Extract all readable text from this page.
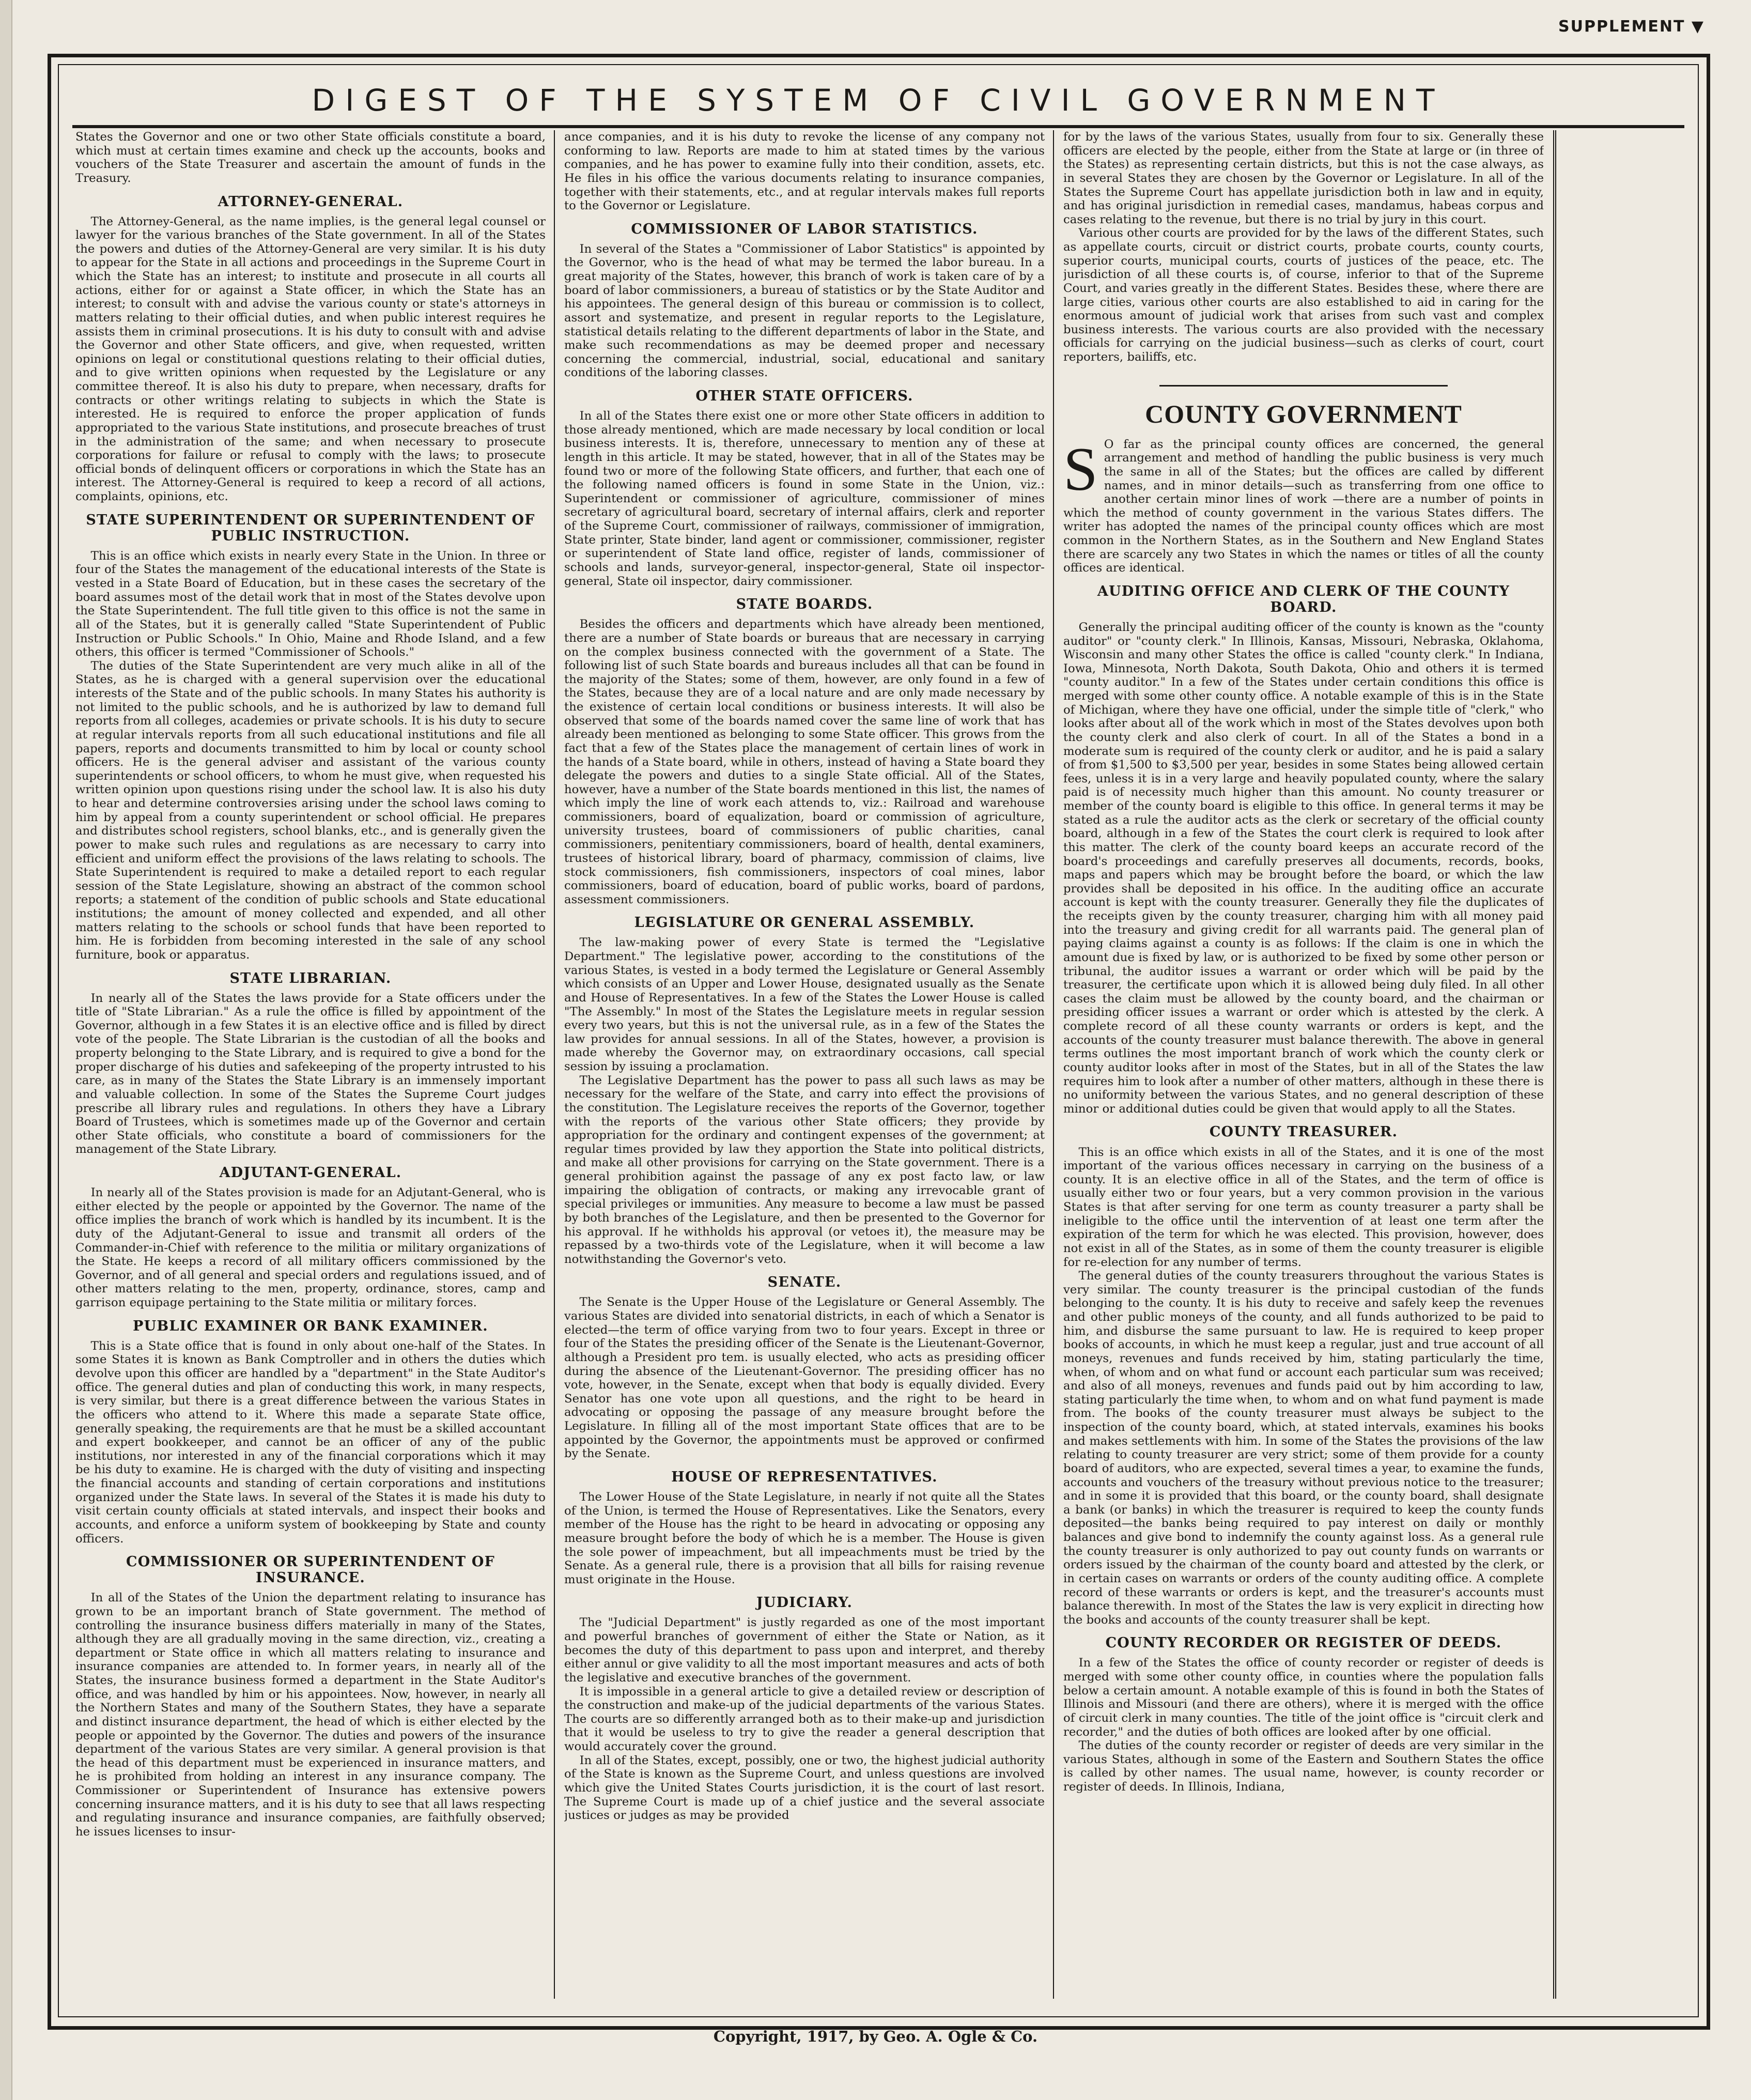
SUPPLEMENT ▼
DIGEST OF THE SYSTEM OF CIVIL GOVERNMENT

States the Governor and one or two other State officials constitute a board, which must at certain times examine and check up the accounts, books and vouchers of the State Treasurer and ascertain the amount of funds in the Treasury.

ATTORNEY-GENERAL.

The Attorney-General, as the name implies, is the general legal counsel or lawyer for the various branches of the State government. In all of the States the powers and duties of the Attorney-General are very similar. It is his duty to appear for the State in all actions and proceedings in the Supreme Court in which the State has an interest; to institute and prosecute in all courts all actions, either for or against a State officer, in which the State has an interest; to consult with and advise the various county or state's attorneys in matters relating to their official duties, and when public interest requires he assists them in criminal prosecutions. It is his duty to consult with and advise the Governor and other State officers, and give, when requested, written opinions on legal or constitutional questions relating to their official duties, and to give written opinions when requested by the Legislature or any committee thereof. It is also his duty to prepare, when necessary, drafts for contracts or other writings relating to subjects in which the State is interested. He is required to enforce the proper application of funds appropriated to the various State institutions, and prosecute breaches of trust in the administration of the same; and when necessary to prosecute corporations for failure or refusal to comply with the laws; to prosecute official bonds of delinquent officers or corporations in which the State has an interest. The Attorney-General is required to keep a record of all actions, complaints, opinions, etc.

STATE SUPERINTENDENT OR SUPERINTENDENT OF PUBLIC INSTRUCTION.

This is an office which exists in nearly every State in the Union. In three or four of the States the management of the educational interests of the State is vested in a State Board of Education, but in these cases the secretary of the board assumes most of the detail work that in most of the States devolve upon the State Superintendent. The full title given to this office is not the same in all of the States, but it is generally called "State Superintendent of Public Instruction or Public Schools." In Ohio, Maine and Rhode Island, and a few others, this officer is termed "Commissioner of Schools."

The duties of the State Superintendent are very much alike in all of the States, as he is charged with a general supervision over the educational interests of the State and of the public schools. In many States his authority is not limited to the public schools, and he is authorized by law to demand full reports from all colleges, academies or private schools. It is his duty to secure at regular intervals reports from all such educational institutions and file all papers, reports and documents transmitted to him by local or county school officers. He is the general adviser and assistant of the various county superintendents or school officers, to whom he must give, when requested his written opinion upon questions rising under the school law. It is also his duty to hear and determine controversies arising under the school laws coming to him by appeal from a county superintendent or school official. He prepares and distributes school registers, school blanks, etc., and is generally given the power to make such rules and regulations as are necessary to carry into efficient and uniform effect the provisions of the laws relating to schools. The State Superintendent is required to make a detailed report to each regular session of the State Legislature, showing an abstract of the common school reports; a statement of the condition of public schools and State educational institutions; the amount of money collected and expended, and all other matters relating to the schools or school funds that have been reported to him. He is forbidden from becoming interested in the sale of any school furniture, book or apparatus.

STATE LIBRARIAN.

In nearly all of the States the laws provide for a State officers under the title of "State Librarian." As a rule the office is filled by appointment of the Governor, although in a few States it is an elective office and is filled by direct vote of the people. The State Librarian is the custodian of all the books and property belonging to the State Library, and is required to give a bond for the proper discharge of his duties and safekeeping of the property intrusted to his care, as in many of the States the State Library is an immensely important and valuable collection. In some of the States the Supreme Court judges prescribe all library rules and regulations. In others they have a Library Board of Trustees, which is sometimes made up of the Governor and certain other State officials, who constitute a board of commissioners for the management of the State Library.

ADJUTANT-GENERAL.

In nearly all of the States provision is made for an Adjutant-General, who is either elected by the people or appointed by the Governor. The name of the office implies the branch of work which is handled by its incumbent. It is the duty of the Adjutant-General to issue and transmit all orders of the Commander-in-Chief with reference to the militia or military organizations of the State. He keeps a record of all military officers commissioned by the Governor, and of all general and special orders and regulations issued, and of other matters relating to the men, property, ordinance, stores, camp and garrison equipage pertaining to the State militia or military forces.

PUBLIC EXAMINER OR BANK EXAMINER.

This is a State office that is found in only about one-half of the States. In some States it is known as Bank Comptroller and in others the duties which devolve upon this officer are handled by a "department" in the State Auditor's office. The general duties and plan of conducting this work, in many respects, is very similar, but there is a great difference between the various States in the officers who attend to it. Where this made a separate State office, generally speaking, the requirements are that he must be a skilled accountant and expert bookkeeper, and cannot be an officer of any of the public institutions, nor interested in any of the financial corporations which it may be his duty to examine. He is charged with the duty of visiting and inspecting the financial accounts and standing of certain corporations and institutions organized under the State laws. In several of the States it is made his duty to visit certain county officials at stated intervals, and inspect their books and accounts, and enforce a uniform system of bookkeeping by State and county officers.

COMMISSIONER OR SUPERINTENDENT OF INSURANCE.

In all of the States of the Union the department relating to insurance has grown to be an important branch of State government. The method of controlling the insurance business differs materially in many of the States, although they are all gradually moving in the same direction, viz., creating a department or State office in which all matters relating to insurance and insurance companies are attended to. In former years, in nearly all of the States, the insurance business formed a department in the State Auditor's office, and was handled by him or his appointees. Now, however, in nearly all the Northern States and many of the Southern States, they have a separate and distinct insurance department, the head of which is either elected by the people or appointed by the Governor. The duties and powers of the insurance department of the various States are very similar. A general provision is that the head of this department must be experienced in insurance matters, and he is prohibited from holding an interest in any insurance company. The Commissioner or Superintendent of Insurance has extensive powers concerning insurance matters, and it is his duty to see that all laws respecting and regulating insurance and insurance companies, are faithfully observed; he issues licenses to insur-

ance companies, and it is his duty to revoke the license of any company not conforming to law. Reports are made to him at stated times by the various companies, and he has power to examine fully into their condition, assets, etc. He files in his office the various documents relating to insurance companies, together with their statements, etc., and at regular intervals makes full reports to the Governor or Legislature.

COMMISSIONER OF LABOR STATISTICS.

In several of the States a "Commissioner of Labor Statistics" is appointed by the Governor, who is the head of what may be termed the labor bureau. In a great majority of the States, however, this branch of work is taken care of by a board of labor commissioners, a bureau of statistics or by the State Auditor and his appointees. The general design of this bureau or commission is to collect, assort and systematize, and present in regular reports to the Legislature, statistical details relating to the different departments of labor in the State, and make such recommendations as may be deemed proper and necessary concerning the commercial, industrial, social, educational and sanitary conditions of the laboring classes.

OTHER STATE OFFICERS.

In all of the States there exist one or more other State officers in addition to those already mentioned, which are made necessary by local condition or local business interests. It is, therefore, unnecessary to mention any of these at length in this article. It may be stated, however, that in all of the States may be found two or more of the following State officers, and further, that each one of the following named officers is found in some State in the Union, viz.: Superintendent or commissioner of agriculture, commissioner of mines secretary of agricultural board, secretary of internal affairs, clerk and reporter of the Supreme Court, commissioner of railways, commissioner of immigration, State printer, State binder, land agent or commissioner, commissioner, register or superintendent of State land office, register of lands, commissioner of schools and lands, surveyor-general, inspector-general, State oil inspector-general, State oil inspector, dairy commissioner.

STATE BOARDS.

Besides the officers and departments which have already been mentioned, there are a number of State boards or bureaus that are necessary in carrying on the complex business connected with the government of a State. The following list of such State boards and bureaus includes all that can be found in the majority of the States; some of them, however, are only found in a few of the States, because they are of a local nature and are only made necessary by the existence of certain local conditions or business interests. It will also be observed that some of the boards named cover the same line of work that has already been mentioned as belonging to some State officer. This grows from the fact that a few of the States place the management of certain lines of work in the hands of a State board, while in others, instead of having a State board they delegate the powers and duties to a single State official. All of the States, however, have a number of the State boards mentioned in this list, the names of which imply the line of work each attends to, viz.: Railroad and warehouse commissioners, board of equalization, board or commission of agriculture, university trustees, board of commissioners of public charities, canal commissioners, penitentiary commissioners, board of health, dental examiners, trustees of historical library, board of pharmacy, commission of claims, live stock commissioners, fish commissioners, inspectors of coal mines, labor commissioners, board of education, board of public works, board of pardons, assessment commissioners.

LEGISLATURE OR GENERAL ASSEMBLY.

The law-making power of every State is termed the "Legislative Department." The legislative power, according to the constitutions of the various States, is vested in a body termed the Legislature or General Assembly which consists of an Upper and Lower House, designated usually as the Senate and House of Representatives. In a few of the States the Lower House is called "The Assembly." In most of the States the Legislature meets in regular session every two years, but this is not the universal rule, as in a few of the States the law provides for annual sessions. In all of the States, however, a provision is made whereby the Governor may, on extraordinary occasions, call special session by issuing a proclamation.

The Legislative Department has the power to pass all such laws as may be necessary for the welfare of the State, and carry into effect the provisions of the constitution. The Legislature receives the reports of the Governor, together with the reports of the various other State officers; they provide by appropriation for the ordinary and contingent expenses of the government; at regular times provided by law they apportion the State into political districts, and make all other provisions for carrying on the State government. There is a general prohibition against the passage of any ex post facto law, or law impairing the obligation of contracts, or making any irrevocable grant of special privileges or immunities. Any measure to become a law must be passed by both branches of the Legislature, and then be presented to the Governor for his approval. If he withholds his approval (or vetoes it), the measure may be repassed by a two-thirds vote of the Legislature, when it will become a law notwithstanding the Governor's veto.

SENATE.

The Senate is the Upper House of the Legislature or General Assembly. The various States are divided into senatorial districts, in each of which a Senator is elected—the term of office varying from two to four years. Except in three or four of the States the presiding officer of the Senate is the Lieutenant-Governor, although a President pro tem. is usually elected, who acts as presiding officer during the absence of the Lieutenant-Governor. The presiding officer has no vote, however, in the Senate, except when that body is equally divided. Every Senator has one vote upon all questions, and the right to be heard in advocating or opposing the passage of any measure brought before the Legislature. In filling all of the most important State offices that are to be appointed by the Governor, the appointments must be approved or confirmed by the Senate.

HOUSE OF REPRESENTATIVES.

The Lower House of the State Legislature, in nearly if not quite all the States of the Union, is termed the House of Representatives. Like the Senators, every member of the House has the right to be heard in advocating or opposing any measure brought before the body of which he is a member. The House is given the sole power of impeachment, but all impeachments must be tried by the Senate. As a general rule, there is a provision that all bills for raising revenue must originate in the House.

JUDICIARY.

The "Judicial Department" is justly regarded as one of the most important and powerful branches of government of either the State or Nation, as it becomes the duty of this department to pass upon and interpret, and thereby either annul or give validity to all the most important measures and acts of both the legislative and executive branches of the government.

It is impossible in a general article to give a detailed review or description of the construction and make-up of the judicial departments of the various States. The courts are so differently arranged both as to their make-up and jurisdiction that it would be useless to try to give the reader a general description that would accurately cover the ground.

In all of the States, except, possibly, one or two, the highest judicial authority of the State is known as the Supreme Court, and unless questions are involved which give the United States Courts jurisdiction, it is the court of last resort. The Supreme Court is made up of a chief justice and the several associate justices or judges as may be provided

for by the laws of the various States, usually from four to six. Generally these officers are elected by the people, either from the State at large or (in three of the States) as representing certain districts, but this is not the case always, as in several States they are chosen by the Governor or Legislature. In all of the States the Supreme Court has appellate jurisdiction both in law and in equity, and has original jurisdiction in remedial cases, mandamus, habeas corpus and cases relating to the revenue, but there is no trial by jury in this court.

Various other courts are provided for by the laws of the different States, such as appellate courts, circuit or district courts, probate courts, county courts, superior courts, municipal courts, courts of justices of the peace, etc. The jurisdiction of all these courts is, of course, inferior to that of the Supreme Court, and varies greatly in the different States. Besides these, where there are large cities, various other courts are also established to aid in caring for the enormous amount of judicial work that arises from such vast and complex business interests. The various courts are also provided with the necessary officials for carrying on the judicial business—such as clerks of court, court reporters, bailiffs, etc.

COUNTY GOVERNMENT

S O far as the principal county offices are concerned, the general arrangement and method of handling the public business is very much the same in all of the States; but the offices are called by different names, and in minor details—such as transferring from one office to another certain minor lines of work —there are a number of points in which the method of county government in the various States differs. The writer has adopted the names of the principal county offices which are most common in the Northern States, as in the Southern and New England States there are scarcely any two States in which the names or titles of all the county offices are identical.

AUDITING OFFICE AND CLERK OF THE COUNTY BOARD.

Generally the principal auditing officer of the county is known as the "county auditor" or "county clerk." In Illinois, Kansas, Missouri, Nebraska, Oklahoma, Wisconsin and many other States the office is called "county clerk." In Indiana, Iowa, Minnesota, North Dakota, South Dakota, Ohio and others it is termed "county auditor." In a few of the States under certain conditions this office is merged with some other county office. A notable example of this is in the State of Michigan, where they have one official, under the simple title of "clerk," who looks after about all of the work which in most of the States devolves upon both the county clerk and also clerk of court. In all of the States a bond in a moderate sum is required of the county clerk or auditor, and he is paid a salary of from $1,500 to $3,500 per year, besides in some States being allowed certain fees, unless it is in a very large and heavily populated county, where the salary paid is of necessity much higher than this amount. No county treasurer or member of the county board is eligible to this office. In general terms it may be stated as a rule the auditor acts as the clerk or secretary of the official county board, although in a few of the States the court clerk is required to look after this matter. The clerk of the county board keeps an accurate record of the board's proceedings and carefully preserves all documents, records, books, maps and papers which may be brought before the board, or which the law provides shall be deposited in his office. In the auditing office an accurate account is kept with the county treasurer. Generally they file the duplicates of the receipts given by the county treasurer, charging him with all money paid into the treasury and giving credit for all warrants paid. The general plan of paying claims against a county is as follows: If the claim is one in which the amount due is fixed by law, or is authorized to be fixed by some other person or tribunal, the auditor issues a warrant or order which will be paid by the treasurer, the certificate upon which it is allowed being duly filed. In all other cases the claim must be allowed by the county board, and the chairman or presiding officer issues a warrant or order which is attested by the clerk. A complete record of all these county warrants or orders is kept, and the accounts of the county treasurer must balance therewith. The above in general terms outlines the most important branch of work which the county clerk or county auditor looks after in most of the States, but in all of the States the law requires him to look after a number of other matters, although in these there is no uniformity between the various States, and no general description of these minor or additional duties could be given that would apply to all the States.

COUNTY TREASURER.

This is an office which exists in all of the States, and it is one of the most important of the various offices necessary in carrying on the business of a county. It is an elective office in all of the States, and the term of office is usually either two or four years, but a very common provision in the various States is that after serving for one term as county treasurer a party shall be ineligible to the office until the intervention of at least one term after the expiration of the term for which he was elected. This provision, however, does not exist in all of the States, as in some of them the county treasurer is eligible for re-election for any number of terms.

The general duties of the county treasurers throughout the various States is very similar. The county treasurer is the principal custodian of the funds belonging to the county. It is his duty to receive and safely keep the revenues and other public moneys of the county, and all funds authorized to be paid to him, and disburse the same pursuant to law. He is required to keep proper books of accounts, in which he must keep a regular, just and true account of all moneys, revenues and funds received by him, stating particularly the time, when, of whom and on what fund or account each particular sum was received; and also of all moneys, revenues and funds paid out by him according to law, stating particularly the time when, to whom and on what fund payment is made from. The books of the county treasurer must always be subject to the inspection of the county board, which, at stated intervals, examines his books and makes settlements with him. In some of the States the provisions of the law relating to county treasurer are very strict; some of them provide for a county board of auditors, who are expected, several times a year, to examine the funds, accounts and vouchers of the treasury without previous notice to the treasurer; and in some it is provided that this board, or the county board, shall designate a bank (or banks) in which the treasurer is required to keep the county funds deposited—the banks being required to pay interest on daily or monthly balances and give bond to indemnify the county against loss. As a general rule the county treasurer is only authorized to pay out county funds on warrants or orders issued by the chairman of the county board and attested by the clerk, or in certain cases on warrants or orders of the county auditing office. A complete record of these warrants or orders is kept, and the treasurer's accounts must balance therewith. In most of the States the law is very explicit in directing how the books and accounts of the county treasurer shall be kept.

COUNTY RECORDER OR REGISTER OF DEEDS.

In a few of the States the office of county recorder or register of deeds is merged with some other county office, in counties where the population falls below a certain amount. A notable example of this is found in both the States of Illinois and Missouri (and there are others), where it is merged with the office of circuit clerk in many counties. The title of the joint office is "circuit clerk and recorder," and the duties of both offices are looked after by one official.

The duties of the county recorder or register of deeds are very similar in the various States, although in some of the Eastern and Southern States the office is called by other names. The usual name, however, is county recorder or register of deeds. In Illinois, Indiana,

Copyright, 1917, by Geo. A. Ogle & Co.
